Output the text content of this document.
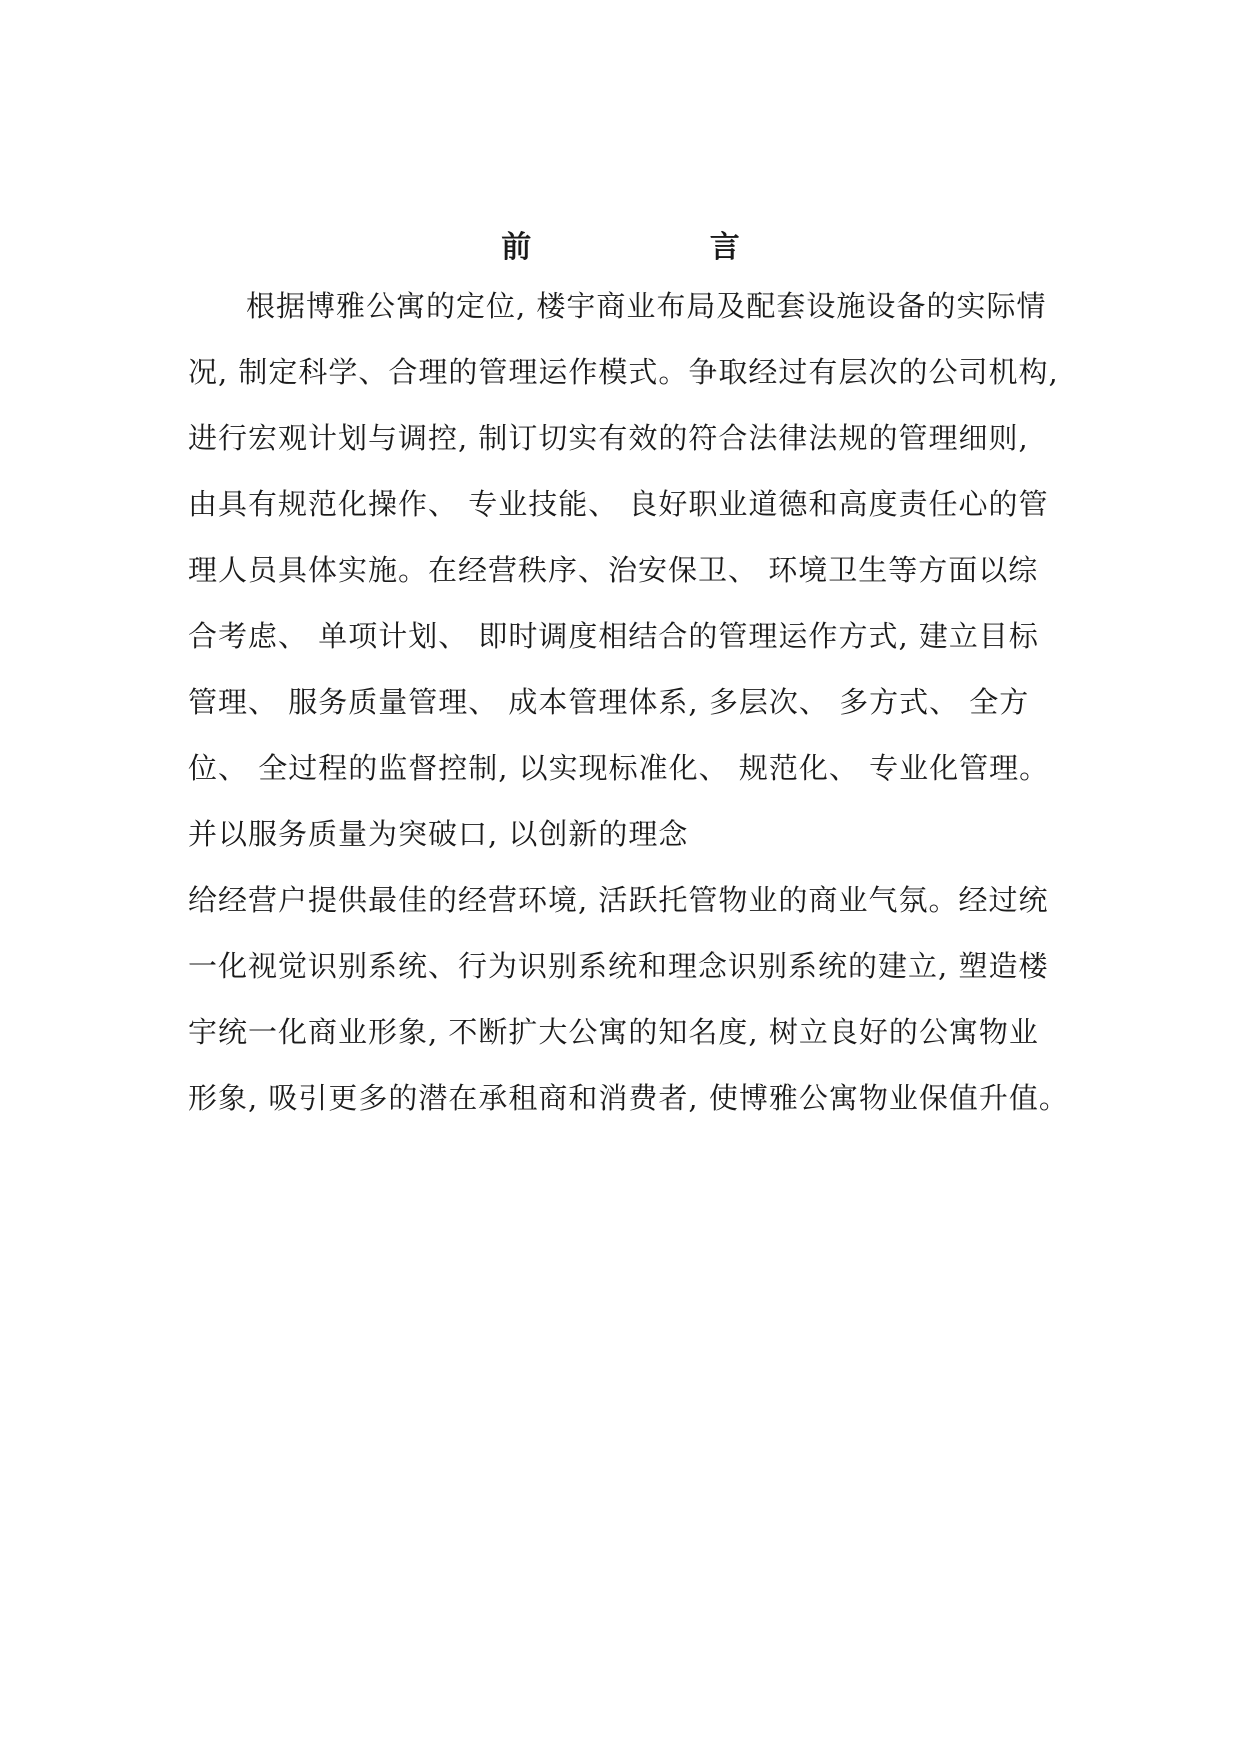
前 言
根据博雅公寓的定位, 楼宇商业布局及配套设施设备的实际情
况, 制定科学、合理的管理运作模式。争取经过有层次的公司机构,
进行宏观计划与调控, 制订切实有效的符合法律法规的管理细则,
由具有规范化操作、 专业技能、 良好职业道德和高度责任心的管
理人员具体实施。在经营秩序、治安保卫、 环境卫生等方面以综
合考虑、 单项计划、 即时调度相结合的管理运作方式, 建立目标
管理、 服务质量管理、 成本管理体系, 多层次、 多方式、 全方
位、 全过程的监督控制, 以实现标准化、 规范化、 专业化管理。
并以服务质量为突破口, 以创新的理念
给经营户提供最佳的经营环境, 活跃托管物业的商业气氛。经过统
一化视觉识别系统、行为识别系统和理念识别系统的建立, 塑造楼
宇统一化商业形象, 不断扩大公寓的知名度, 树立良好的公寓物业
形象, 吸引更多的潜在承租商和消费者, 使博雅公寓物业保值升值。
